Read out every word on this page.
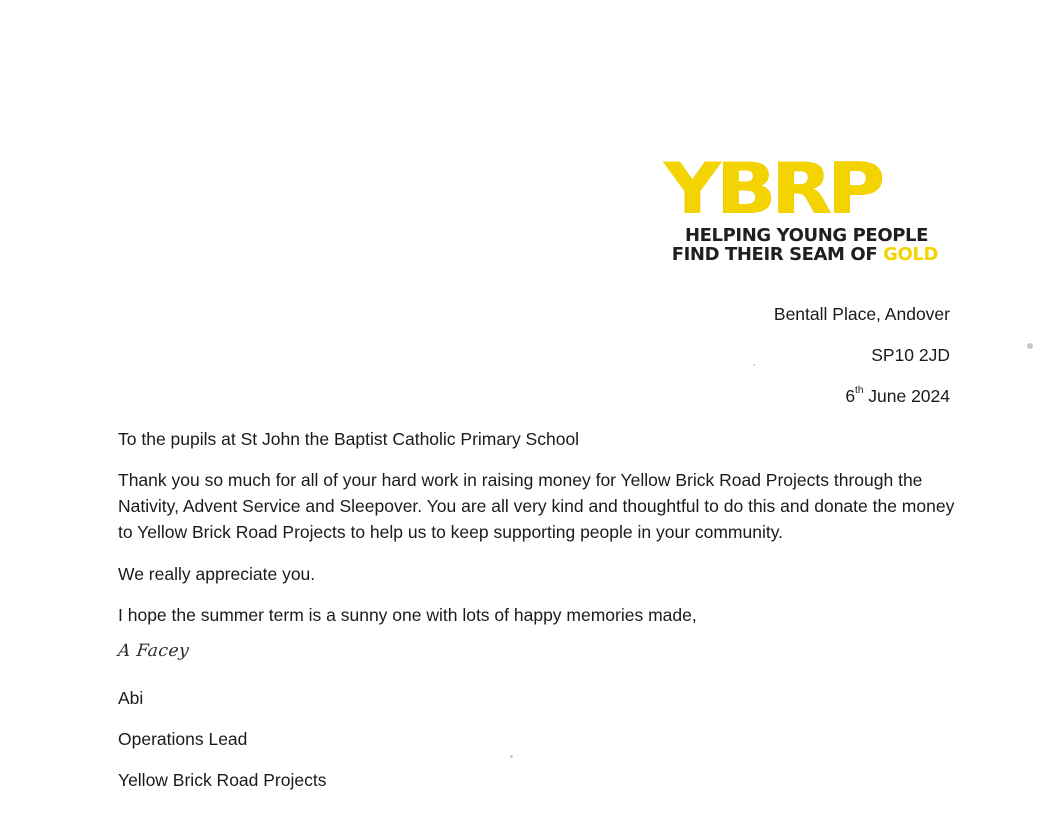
YBRP
HELPING YOUNG PEOPLE
FIND THEIR SEAM OF GOLD
Bentall Place, Andover
SP10 2JD
6th June 2024
To the pupils at St John the Baptist Catholic Primary School
Thank you so much for all of your hard work in raising money for Yellow Brick Road Projects through the Nativity, Advent Service and Sleepover. You are all very kind and thoughtful to do this and donate the money to Yellow Brick Road Projects to help us to keep supporting people in your community.
We really appreciate you.
I hope the summer term is a sunny one with lots of happy memories made,
A Facey
Abi
Operations Lead
Yellow Brick Road Projects
